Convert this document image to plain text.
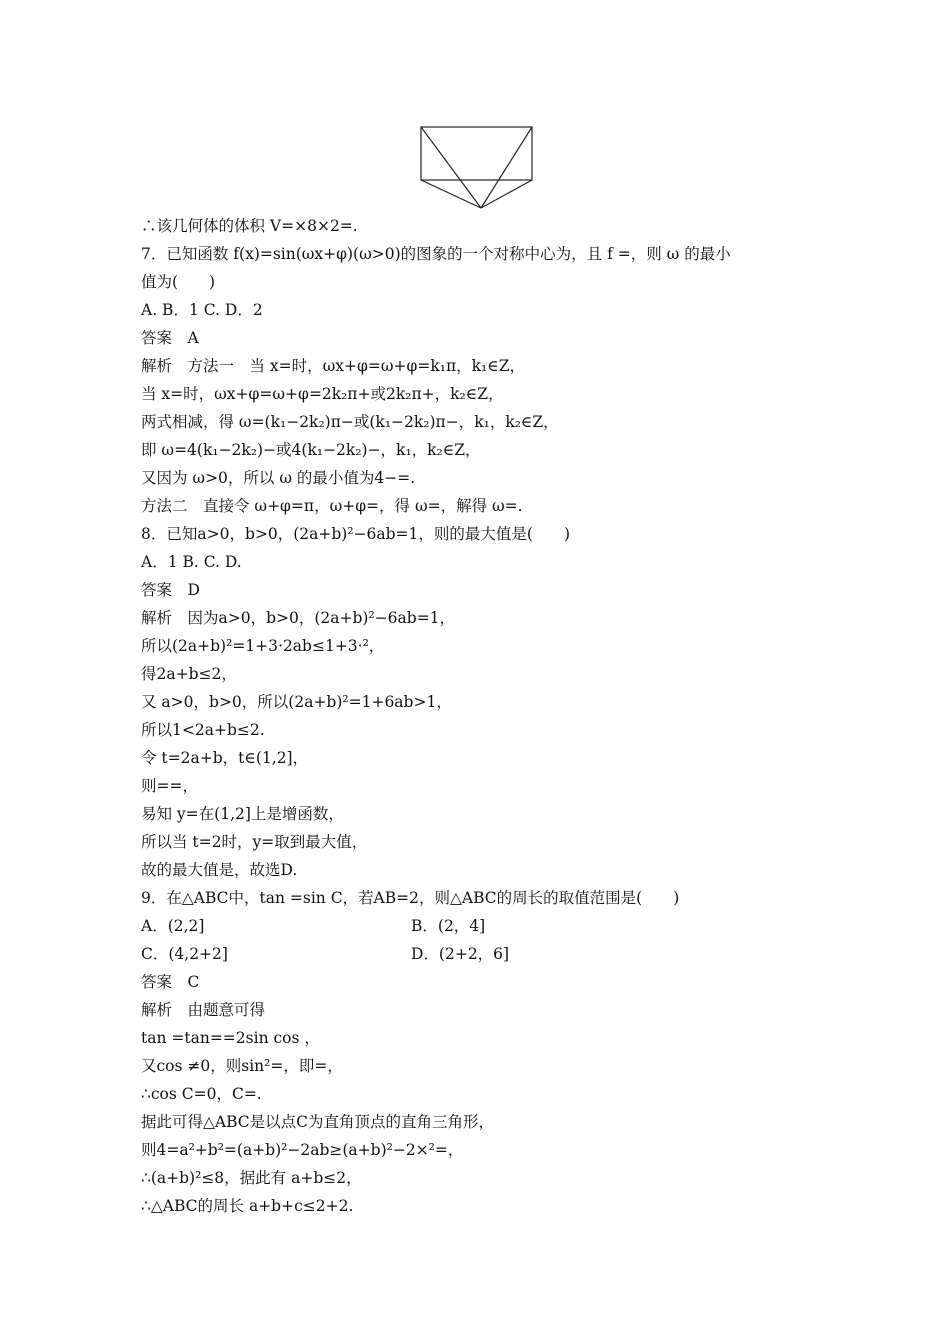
∴该几何体的体积 V=×8×2=.
7．已知函数 f(x)=sin(ωx+φ)(ω>0)的图象的一个对称中心为，且 f =，则 ω 的最小
值为(　　)
A. B．1 C. D．2
答案　A
解析　方法一　当 x=时，ωx+φ=ω+φ=k₁π，k₁∈Z，
当 x=时，ωx+φ=ω+φ=2k₂π+或2k₂π+，k₂∈Z，
两式相减，得 ω=(k₁−2k₂)π−或(k₁−2k₂)π−，k₁，k₂∈Z，
即 ω=4(k₁−2k₂)−或4(k₁−2k₂)−，k₁，k₂∈Z，
又因为 ω>0，所以 ω 的最小值为4−=.
方法二　直接令 ω+φ=π，ω+φ=，得 ω=，解得 ω=.
8．已知a>0，b>0，(2a+b)²−6ab=1，则的最大值是(　　)
A．1 B. C. D.
答案　D
解析　因为a>0，b>0，(2a+b)²−6ab=1，
所以(2a+b)²=1+3·2ab≤1+3·²，
得2a+b≤2，
又 a>0，b>0，所以(2a+b)²=1+6ab>1，
所以1<2a+b≤2.
令 t=2a+b，t∈(1,2]，
则==，
易知 y=在(1,2]上是增函数，
所以当 t=2时，y=取到最大值，
故的最大值是，故选D.
9．在△ABC中，tan =sin C，若AB=2，则△ABC的周长的取值范围是(　　)
A．(2,2]	B．(2，4]
C．(4,2+2]	D．(2+2，6]
答案　C
解析　由题意可得
tan =tan==2sin cos ，
又cos ≠0，则sin²=，即=，
∴cos C=0，C=.
据此可得△ABC是以点C为直角顶点的直角三角形，
则4=a²+b²=(a+b)²−2ab≥(a+b)²−2×²=，
∴(a+b)²≤8，据此有 a+b≤2，
∴△ABC的周长 a+b+c≤2+2.
